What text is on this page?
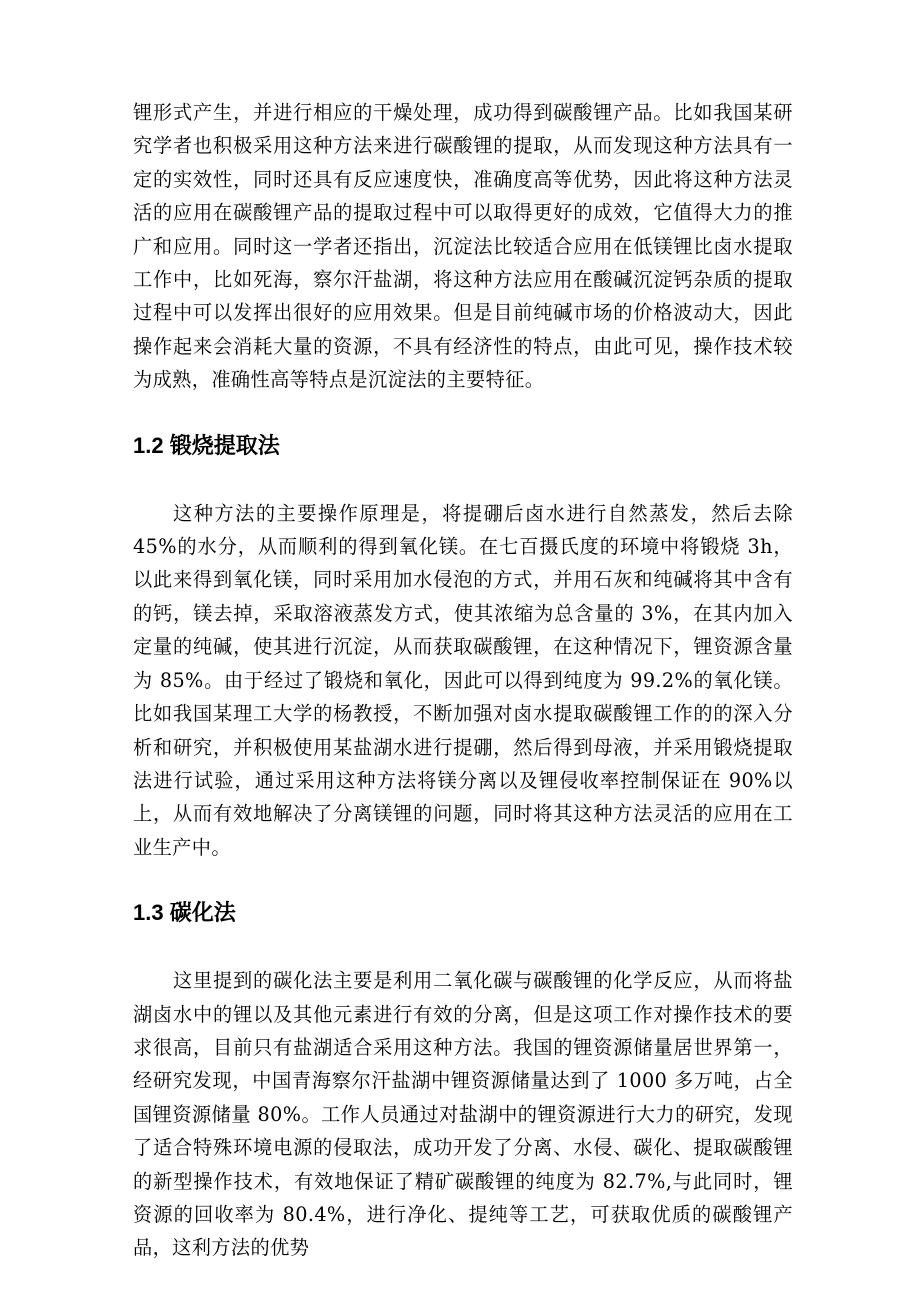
锂形式产生，并进行相应的干燥处理，成功得到碳酸锂产品。比如我国某研究学者也积极采用这种方法来进行碳酸锂的提取，从而发现这种方法具有一定的实效性，同时还具有反应速度快，准确度高等优势，因此将这种方法灵活的应用在碳酸锂产品的提取过程中可以取得更好的成效，它值得大力的推广和应用。同时这一学者还指出，沉淀法比较适合应用在低镁锂比卤水提取工作中，比如死海，察尔汗盐湖，将这种方法应用在酸碱沉淀钙杂质的提取过程中可以发挥出很好的应用效果。但是目前纯碱市场的价格波动大，因此操作起来会消耗大量的资源，不具有经济性的特点，由此可见，操作技术较为成熟，准确性高等特点是沉淀法的主要特征。

1.2 锻烧提取法

这种方法的主要操作原理是，将提硼后卤水进行自然蒸发，然后去除 45%的水分，从而顺利的得到氧化镁。在七百摄氏度的环境中将锻烧 3h，以此来得到氧化镁，同时采用加水侵泡的方式，并用石灰和纯碱将其中含有的钙，镁去掉，采取溶液蒸发方式，使其浓缩为总含量的 3%，在其内加入定量的纯碱，使其进行沉淀，从而获取碳酸锂，在这种情况下，锂资源含量为 85%。由于经过了锻烧和氧化，因此可以得到纯度为 99.2%的氧化镁。比如我国某理工大学的杨教授，不断加强对卤水提取碳酸锂工作的的深入分析和研究，并积极使用某盐湖水进行提硼，然后得到母液，并采用锻烧提取法进行试验，通过采用这种方法将镁分离以及锂侵收率控制保证在 90%以上，从而有效地解决了分离镁锂的问题，同时将其这种方法灵活的应用在工业生产中。

1.3 碳化法

这里提到的碳化法主要是利用二氧化碳与碳酸锂的化学反应，从而将盐湖卤水中的锂以及其他元素进行有效的分离，但是这项工作对操作技术的要求很高，目前只有盐湖适合采用这种方法。我国的锂资源储量居世界第一，经研究发现，中国青海察尔汗盐湖中锂资源储量达到了 1000 多万吨，占全国锂资源储量 80%。工作人员通过对盐湖中的锂资源进行大力的研究，发现了适合特殊环境电源的侵取法，成功开发了分离、水侵、碳化、提取碳酸锂的新型操作技术，有效地保证了精矿碳酸锂的纯度为 82.7%,与此同时，锂资源的回收率为 80.4%，进行净化、提纯等工艺，可获取优质的碳酸锂产品，这利方法的优势
